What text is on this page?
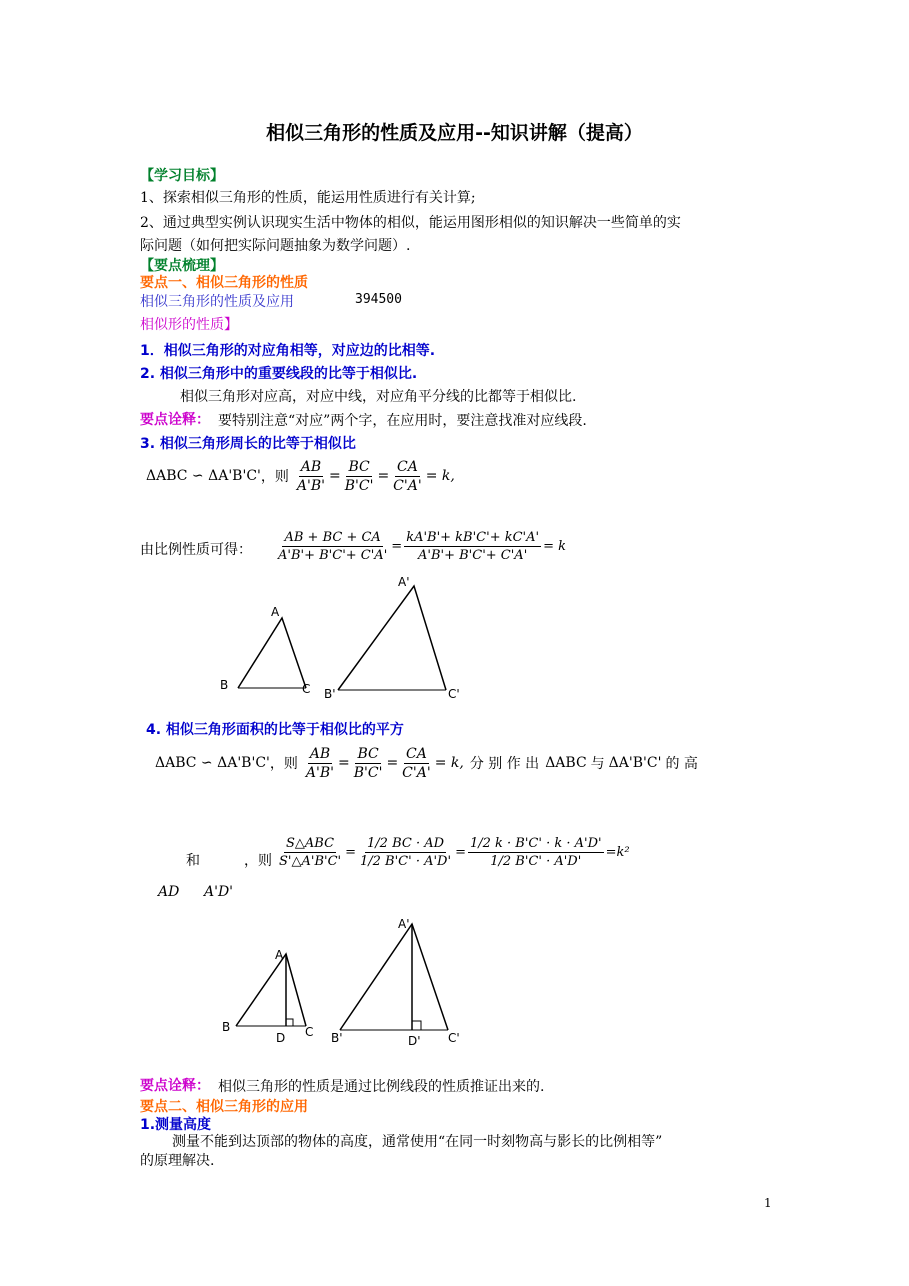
相似三角形的性质及应用--知识讲解（提高）
【学习目标】
1、探索相似三角形的性质，能运用性质进行有关计算;
2、通过典型实例认识现实生活中物体的相似，能运用图形相似的知识解决一些简单的实
际问题（如何把实际问题抽象为数学问题）.
【要点梳理】
要点一、相似三角形的性质
相似三角形的性质及应用	394500
相似形的性质】
1．相似三角形的对应角相等，对应边的比相等.
2. 相似三角形中的重要线段的比等于相似比.
相似三角形对应高，对应中线，对应角平分线的比都等于相似比.
要点诠释： 要特别注意“对应”两个字，在应用时，要注意找准对应线段.
3. 相似三角形周长的比等于相似比
ΔABC ∽ ΔA'B'C' ，则 $\frac{AB}{A'B'} = \frac{BC}{B'C'} = \frac{CA}{C'A'} = k$,
由比例性质可得： $\frac{AB + BC + CA}{A'B'+ B'C'+ C'A'} = \frac{kA'B'+ kB'C'+ kC'A'}{A'B'+ B'C'+ C'A'} = k$
A
B	C
A'
B'	C'
4. 相似三角形面积的比等于相似比的平方
ΔABC ∽ ΔA'B'C' ，则 $\frac{AB}{A'B'} = \frac{BC}{B'C'} = \frac{CA}{C'A'} = k$, 分 别 作 出 ΔABC 与 ΔA'B'C' 的 高
和	，则 $\frac{\text{S△ABC}}{S'\triangle A'B'C'} = \frac{1/2 BC \cdot AD}{1/2 B'C' \cdot A'D'} = \frac{1/2 k \cdot B'C' \cdot k \cdot A'D'}{1/2 B'C' \cdot A'D'} =k^2$
AD A'D'
A
B	C
D
A'
B'	C'
D'
要点诠释： 相似三角形的性质是通过比例线段的性质推证出来的.
要点二、相似三角形的应用
1.测量高度
测量不能到达顶部的物体的高度，通常使用“在同一时刻物高与影长的比例相等”
的原理解决.
1
